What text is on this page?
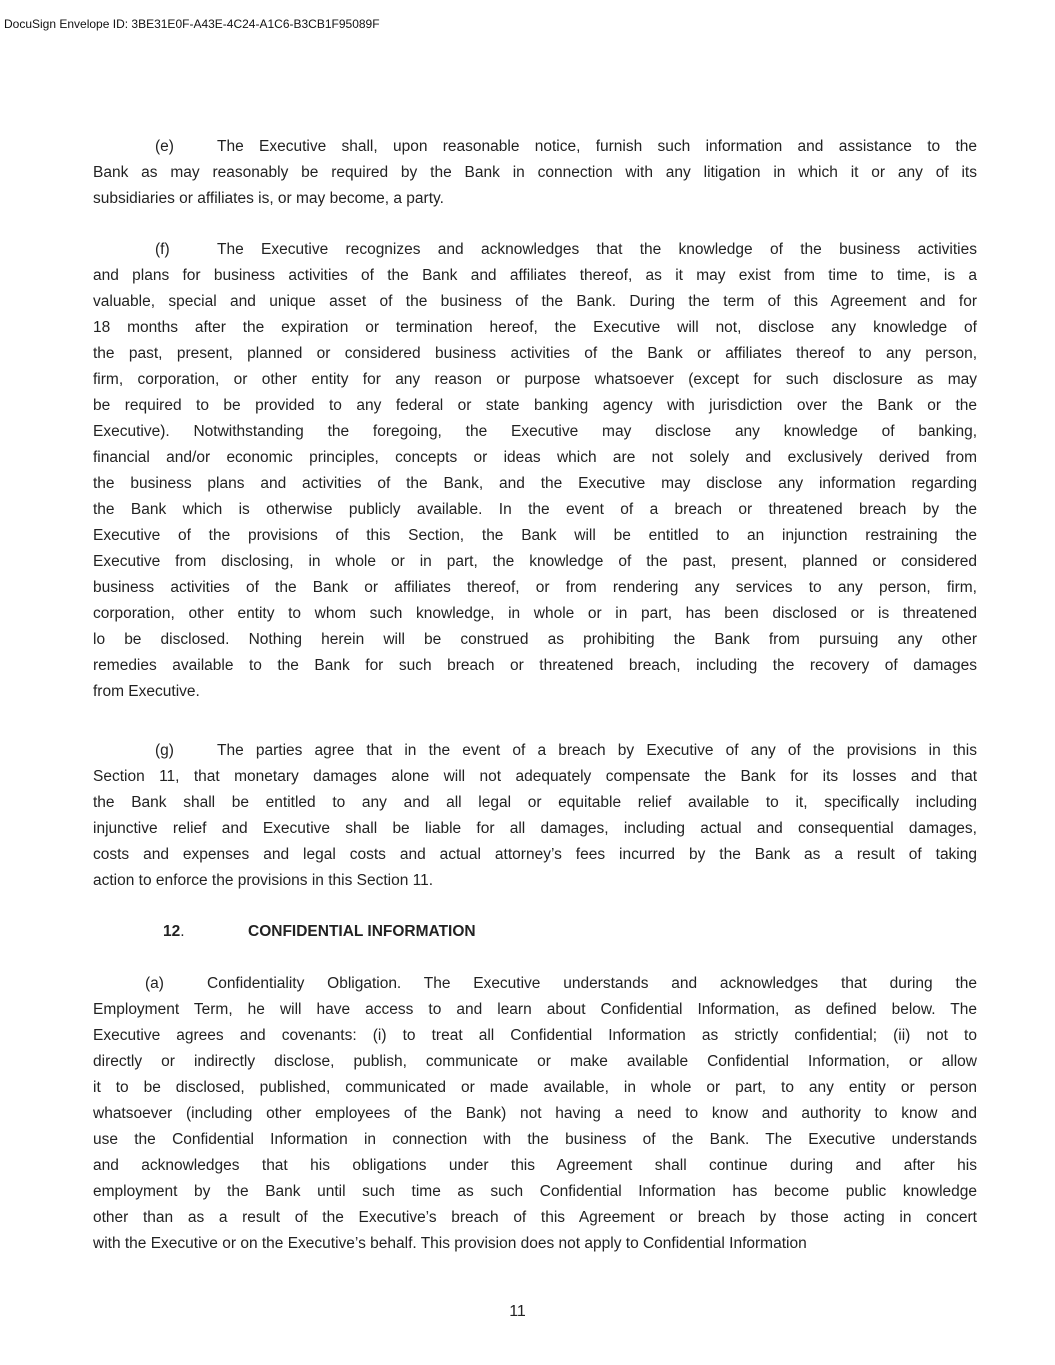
DocuSign Envelope ID: 3BE31E0F-A43E-4C24-A1C6-B3CB1F95089F
(e)	The Executive shall, upon reasonable notice, furnish such information and assistance to the
Bank as may reasonably be required by the Bank in connection with any litigation in which it or any of its
subsidiaries or affiliates is, or may become, a party.
(f)	The Executive recognizes and acknowledges that the knowledge of the business activities
and plans for business activities of the Bank and affiliates thereof, as it may exist from time to time, is a
valuable, special and unique asset of the business of the Bank. During the term of this Agreement and for
18 months after the expiration or termination hereof, the Executive will not, disclose any knowledge of
the past, present, planned or considered business activities of the Bank or affiliates thereof to any person,
firm, corporation, or other entity for any reason or purpose whatsoever (except for such disclosure as may
be required to be provided to any federal or state banking agency with jurisdiction over the Bank or the
Executive). Notwithstanding the foregoing, the Executive may disclose any knowledge of banking,
financial and/or economic principles, concepts or ideas which are not solely and exclusively derived from
the business plans and activities of the Bank, and the Executive may disclose any information regarding
the Bank which is otherwise publicly available. In the event of a breach or threatened breach by the
Executive of the provisions of this Section, the Bank will be entitled to an injunction restraining the
Executive from disclosing, in whole or in part, the knowledge of the past, present, planned or considered
business activities of the Bank or affiliates thereof, or from rendering any services to any person, firm,
corporation, other entity to whom such knowledge, in whole or in part, has been disclosed or is threatened
lo be disclosed. Nothing herein will be construed as prohibiting the Bank from pursuing any other
remedies available to the Bank for such breach or threatened breach, including the recovery of damages
from Executive.
(g)	The parties agree that in the event of a breach by Executive of any of the provisions in this
Section 11, that monetary damages alone will not adequately compensate the Bank for its losses and that
the Bank shall be entitled to any and all legal or equitable relief available to it, specifically including
injunctive relief and Executive shall be liable for all damages, including actual and consequential damages,
costs and expenses and legal costs and actual attorney’s fees incurred by the Bank as a result of taking
action to enforce the provisions in this Section 11.
12.	CONFIDENTIAL INFORMATION
(a)	Confidentiality Obligation. The Executive understands and acknowledges that during the
Employment Term, he will have access to and learn about Confidential Information, as defined below. The
Executive agrees and covenants: (i) to treat all Confidential Information as strictly confidential; (ii) not to
directly or indirectly disclose, publish, communicate or make available Confidential Information, or allow
it to be disclosed, published, communicated or made available, in whole or part, to any entity or person
whatsoever (including other employees of the Bank) not having a need to know and authority to know and
use the Confidential Information in connection with the business of the Bank. The Executive understands
and acknowledges that his obligations under this Agreement shall continue during and after his
employment by the Bank until such time as such Confidential Information has become public knowledge
other than as a result of the Executive’s breach of this Agreement or breach by those acting in concert
with the Executive or on the Executive’s behalf. This provision does not apply to Confidential Information
11
